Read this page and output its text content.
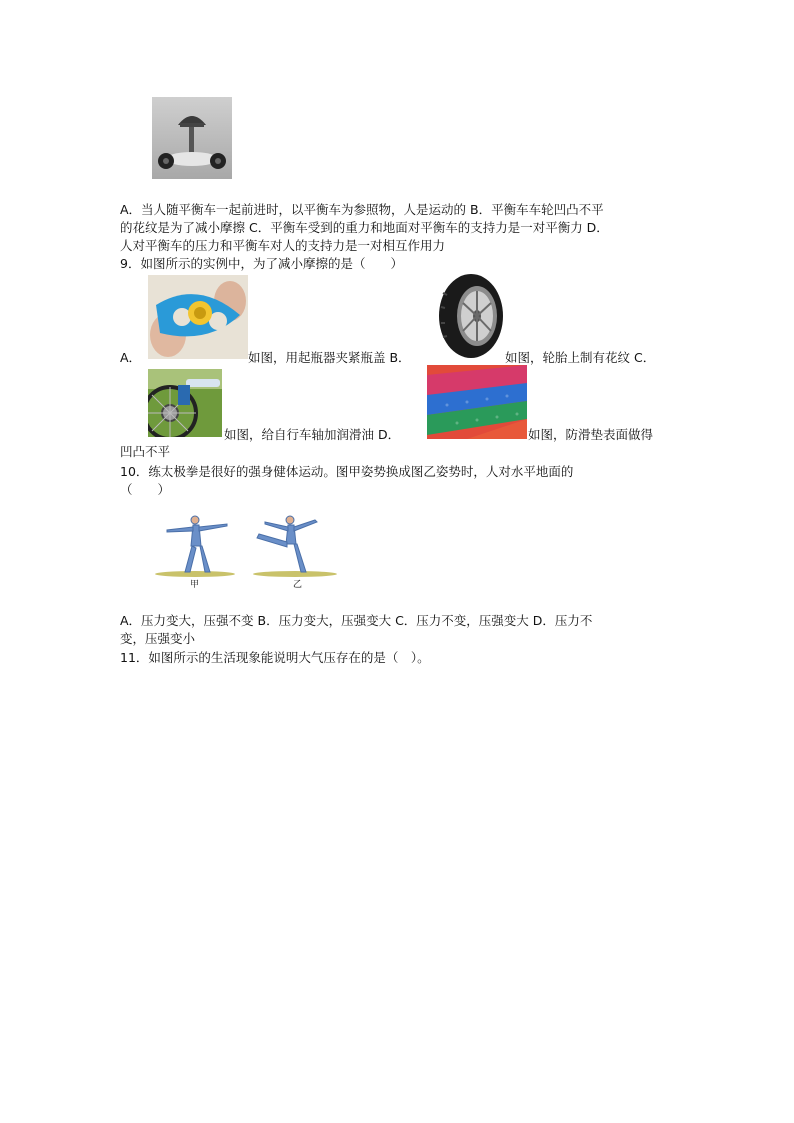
A．当人随平衡车一起前进时，以平衡车为参照物，人是运动的 B．平衡车车轮凹凸不平
的花纹是为了减小摩擦 C．平衡车受到的重力和地面对平衡车的支持力是一对平衡力 D．
人对平衡车的压力和平衡车对人的支持力是一对相互作用力
9．如图所示的实例中，为了减小摩擦的是（　　）
A．	如图，用起瓶器夹紧瓶盖 B．	如图，轮胎上制有花纹 C．
如图，给自行车轴加润滑油 D．	如图，防滑垫表面做得
凹凸不平
10．练太极拳是很好的强身健体运动。图甲姿势换成图乙姿势时，人对水平地面的
（　　）
甲	乙
A．压力变大，压强不变 B．压力变大，压强变大 C．压力不变，压强变大 D．压力不
变，压强变小
11．如图所示的生活现象能说明大气压存在的是（　）。
